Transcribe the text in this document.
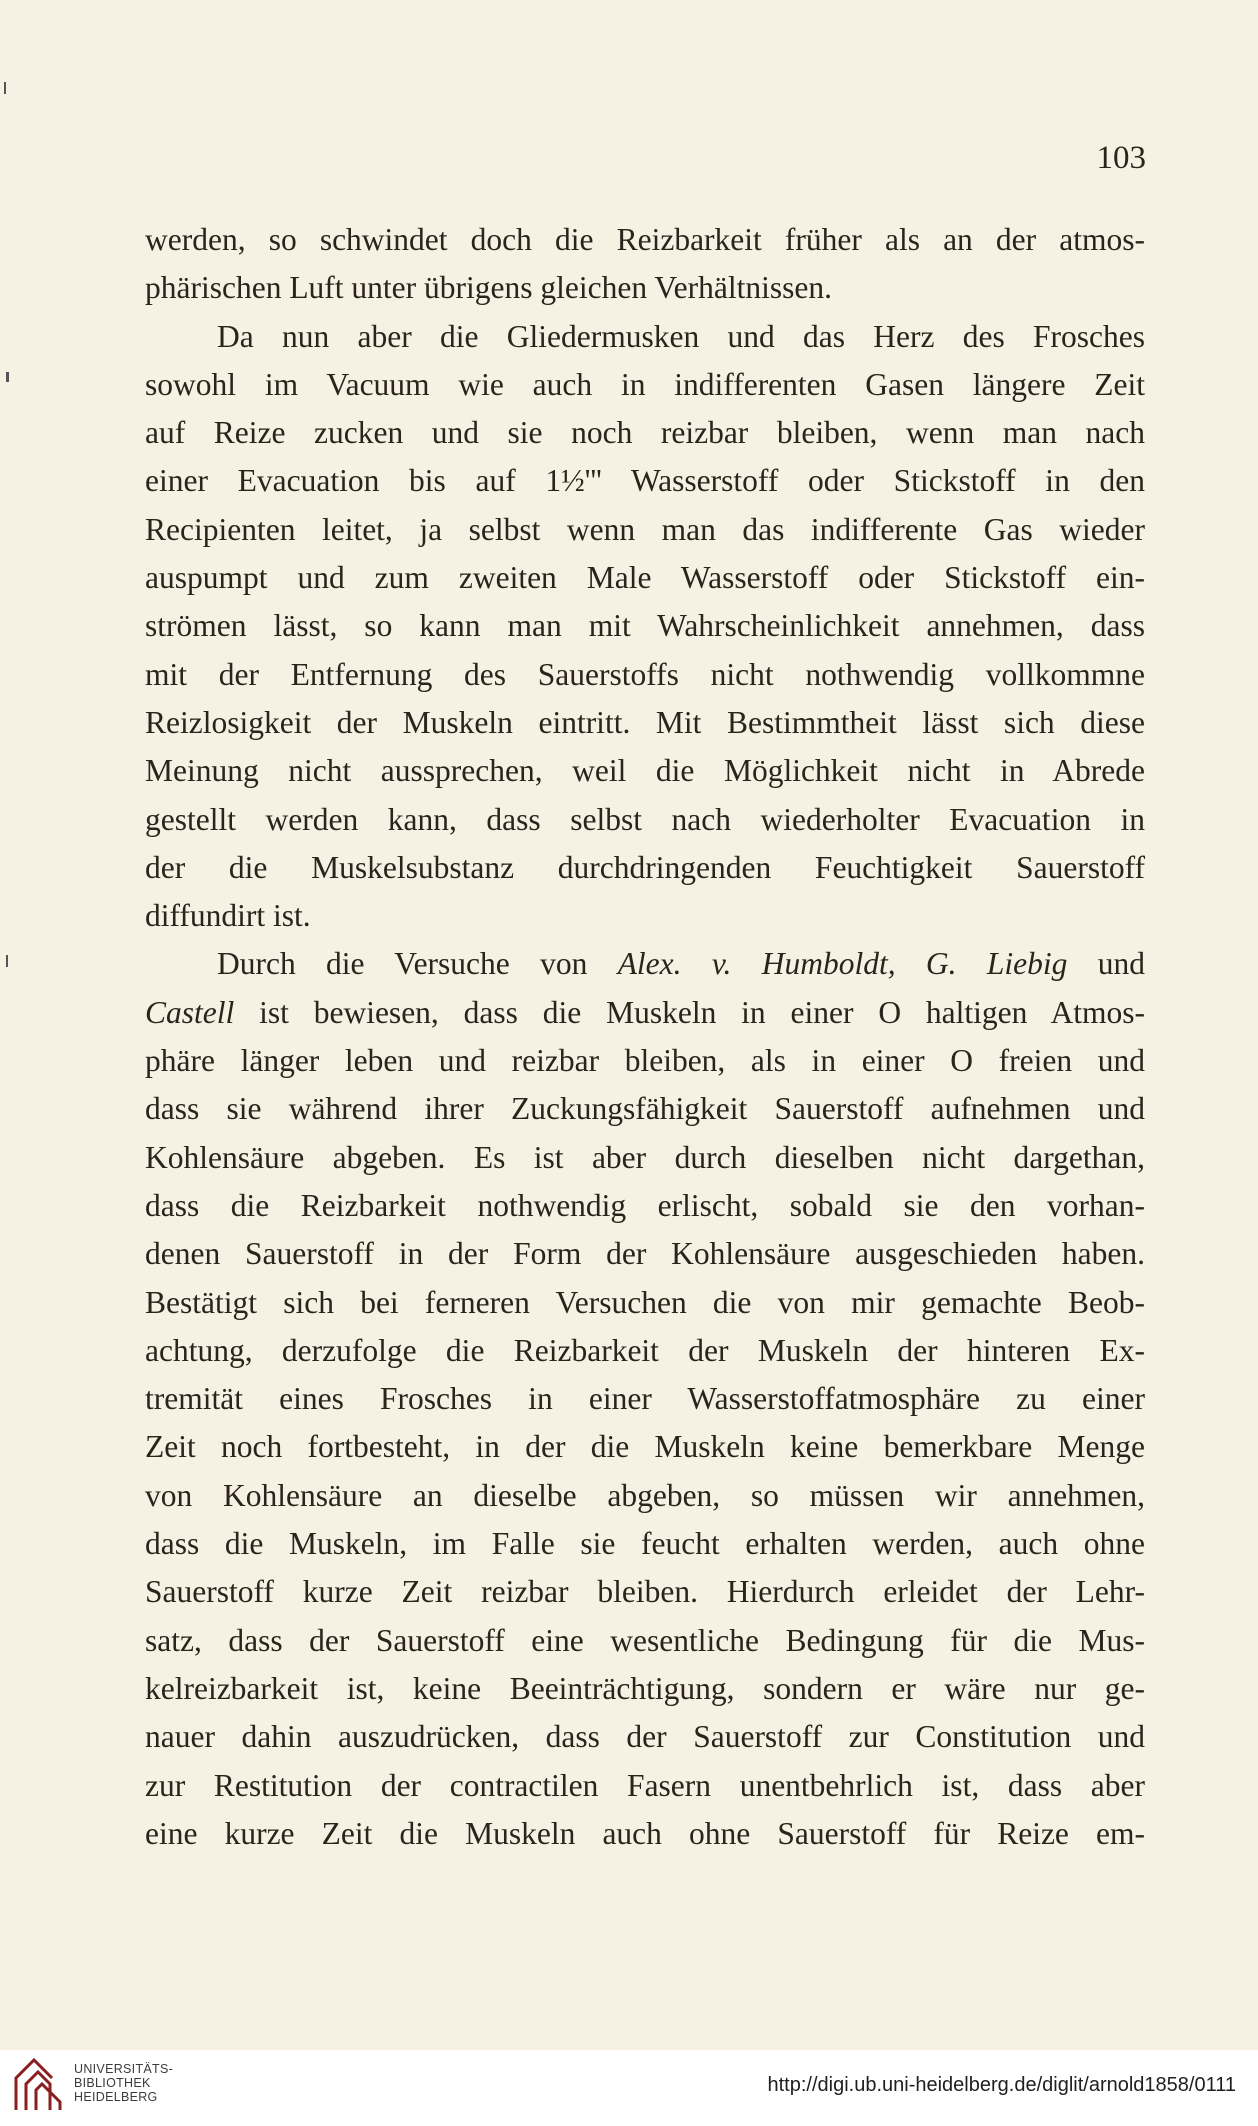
103
werden, so schwindet doch die Reizbarkeit früher als an der atmos-
phärischen Luft unter übrigens gleichen Verhältnissen.
Da nun aber die Gliedermusken und das Herz des Frosches
sowohl im Vacuum wie auch in indifferenten Gasen längere Zeit
auf Reize zucken und sie noch reizbar bleiben, wenn man nach
einer Evacuation bis auf 1½''' Wasserstoff oder Stickstoff in den
Recipienten leitet, ja selbst wenn man das indifferente Gas wieder
auspumpt und zum zweiten Male Wasserstoff oder Stickstoff ein-
strömen lässt, so kann man mit Wahrscheinlichkeit annehmen, dass
mit der Entfernung des Sauerstoffs nicht nothwendig vollkommne
Reizlosigkeit der Muskeln eintritt. Mit Bestimmtheit lässt sich diese
Meinung nicht aussprechen, weil die Möglichkeit nicht in Abrede
gestellt werden kann, dass selbst nach wiederholter Evacuation in
der die Muskelsubstanz durchdringenden Feuchtigkeit Sauerstoff
diffundirt ist.
Durch die Versuche von Alex. v. Humboldt, G. Liebig und
Castell ist bewiesen, dass die Muskeln in einer O haltigen Atmos-
phäre länger leben und reizbar bleiben, als in einer O freien und
dass sie während ihrer Zuckungsfähigkeit Sauerstoff aufnehmen und
Kohlensäure abgeben. Es ist aber durch dieselben nicht dargethan,
dass die Reizbarkeit nothwendig erlischt, sobald sie den vorhan-
denen Sauerstoff in der Form der Kohlensäure ausgeschieden haben.
Bestätigt sich bei ferneren Versuchen die von mir gemachte Beob-
achtung, derzufolge die Reizbarkeit der Muskeln der hinteren Ex-
tremität eines Frosches in einer Wasserstoffatmosphäre zu einer
Zeit noch fortbesteht, in der die Muskeln keine bemerkbare Menge
von Kohlensäure an dieselbe abgeben, so müssen wir annehmen,
dass die Muskeln, im Falle sie feucht erhalten werden, auch ohne
Sauerstoff kurze Zeit reizbar bleiben. Hierdurch erleidet der Lehr-
satz, dass der Sauerstoff eine wesentliche Bedingung für die Mus-
kelreizbarkeit ist, keine Beeinträchtigung, sondern er wäre nur ge-
nauer dahin auszudrücken, dass der Sauerstoff zur Constitution und
zur Restitution der contractilen Fasern unentbehrlich ist, dass aber
eine kurze Zeit die Muskeln auch ohne Sauerstoff für Reize em-
UNIVERSITÄTS-
BIBLIOTHEK
HEIDELBERG
http://digi.ub.uni-heidelberg.de/diglit/arnold1858/0111
